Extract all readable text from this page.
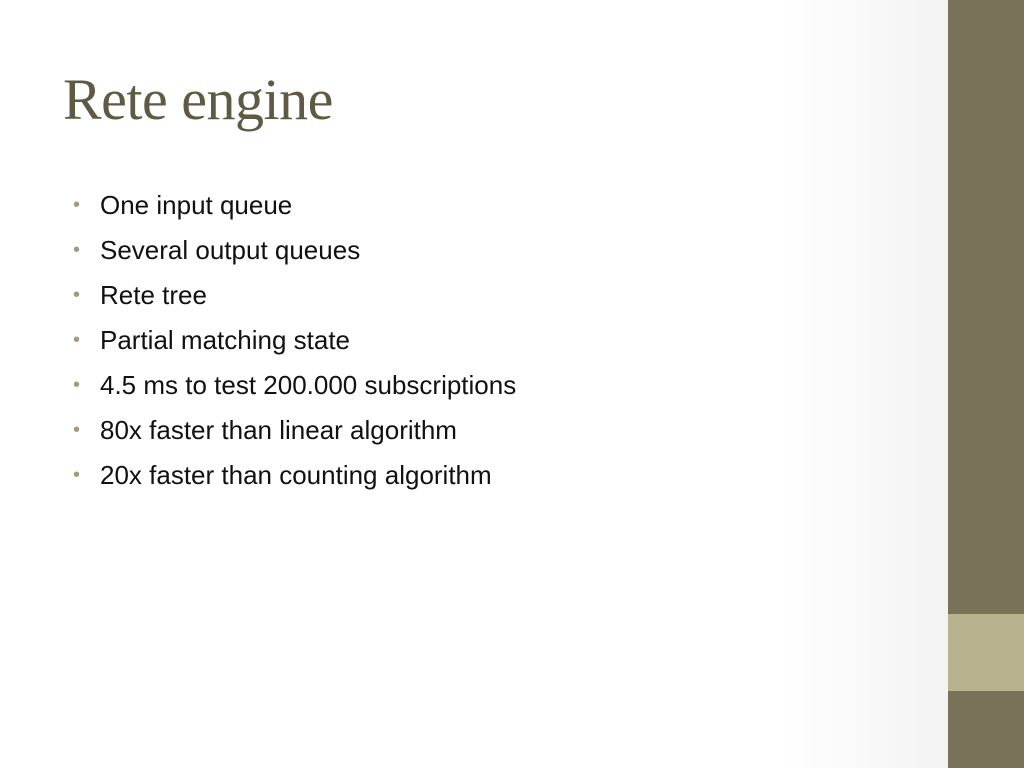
Rete engine
• One input queue
• Several output queues
• Rete tree
• Partial matching state
• 4.5 ms to test 200.000 subscriptions
• 80x faster than linear algorithm
• 20x faster than counting algorithm
